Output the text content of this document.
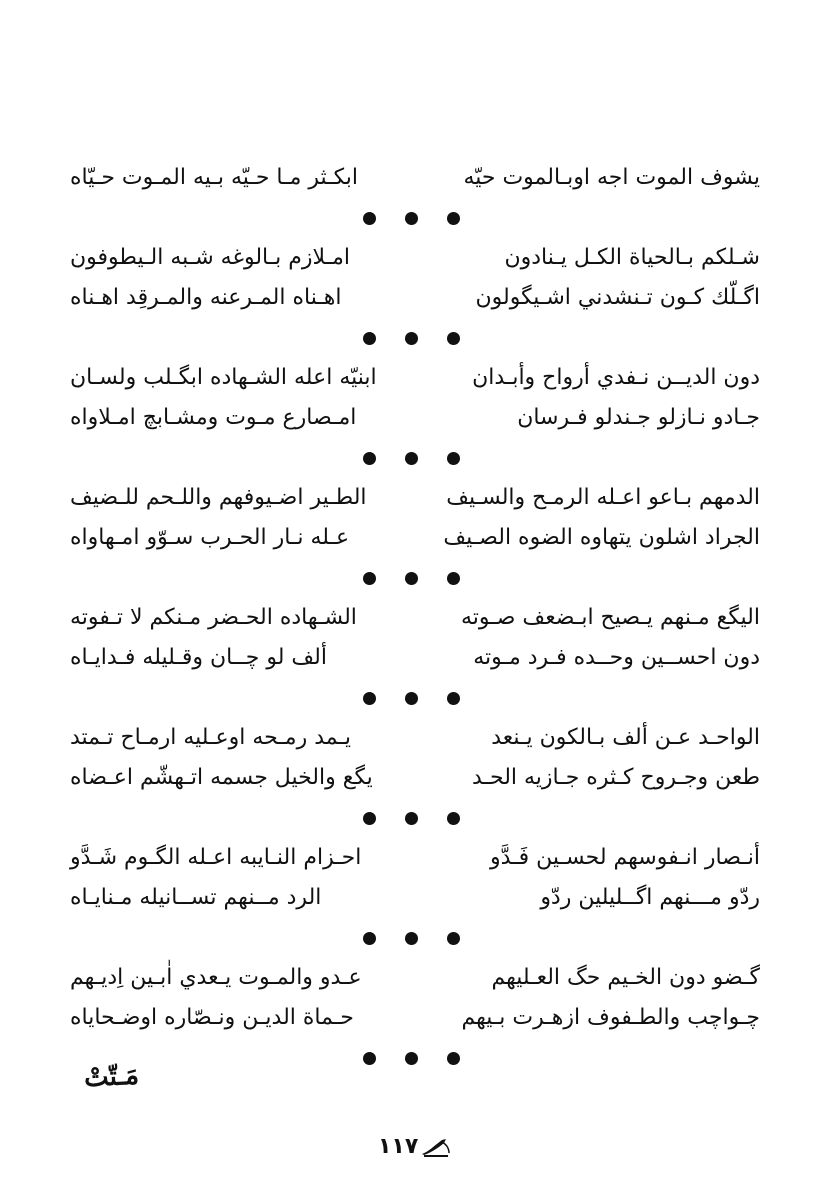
يشوف الموت اجه اوبـالموت حيّه
ابكـثر مـا حـيّه بـيه المـوت حـيّاه
شـلكم بـالحياة الكـل يـنادون
امـلازم بـالوغه شـبه الـيطوفون
اگـلّك كـون تـنشدني اشـيگولون
اهـناه المـرعنه والمـرقِد اهـناه
دون الديــن نـفدي أرواح وأبـدان
ابنيّه اعله الشـهاده ابگـلب ولسـان
جـادو نـازلو جـندلو فـرسان
امـصارع مـوت ومشـابچ امـلاواه
الدمهم بـاعو اعـله الرمـح والسـيف
الطـير اضـيوفهم واللـحم للـضيف
الجراد اشلون يتهاوه الضوه الصـيف
عـله نـار الحـرب سـوّو امـهاواه
اليگع مـنهم يـصيح ابـضعف صـوته
الشـهاده الحـضر مـنكم لا تـفوته
دون احســين وحــده فـرد مـوته
ألف لو چــان وقـليله فـدايـاه
الواحـد عـن ألف بـالكون يـنعد
يـمد رمـحه اوعـليه ارمـاح تـمتد
طعن وجـروح كـثره جـازيه الحـد
يگع والخيل جسمه اتـهشّم اعـضاه
أنـصار انـفوسهم لحسـين فَـدَّو
احـزام النـايبه اعـله الگـوم شَـدَّو
ردّو مـــنهم اگــليلين ردّو
الرد مــنهم تســانيله مـنايـاه
گـضو دون الخـيم حگ العـليهم
عـدو والمـوت يـعدي اٰبـين اِديـهم
چـواچب والطـفوف ازهـرت بـيهم
حـماة الديـن ونـصّاره اوضـحاياه
مَـتّتْ
١١٧
